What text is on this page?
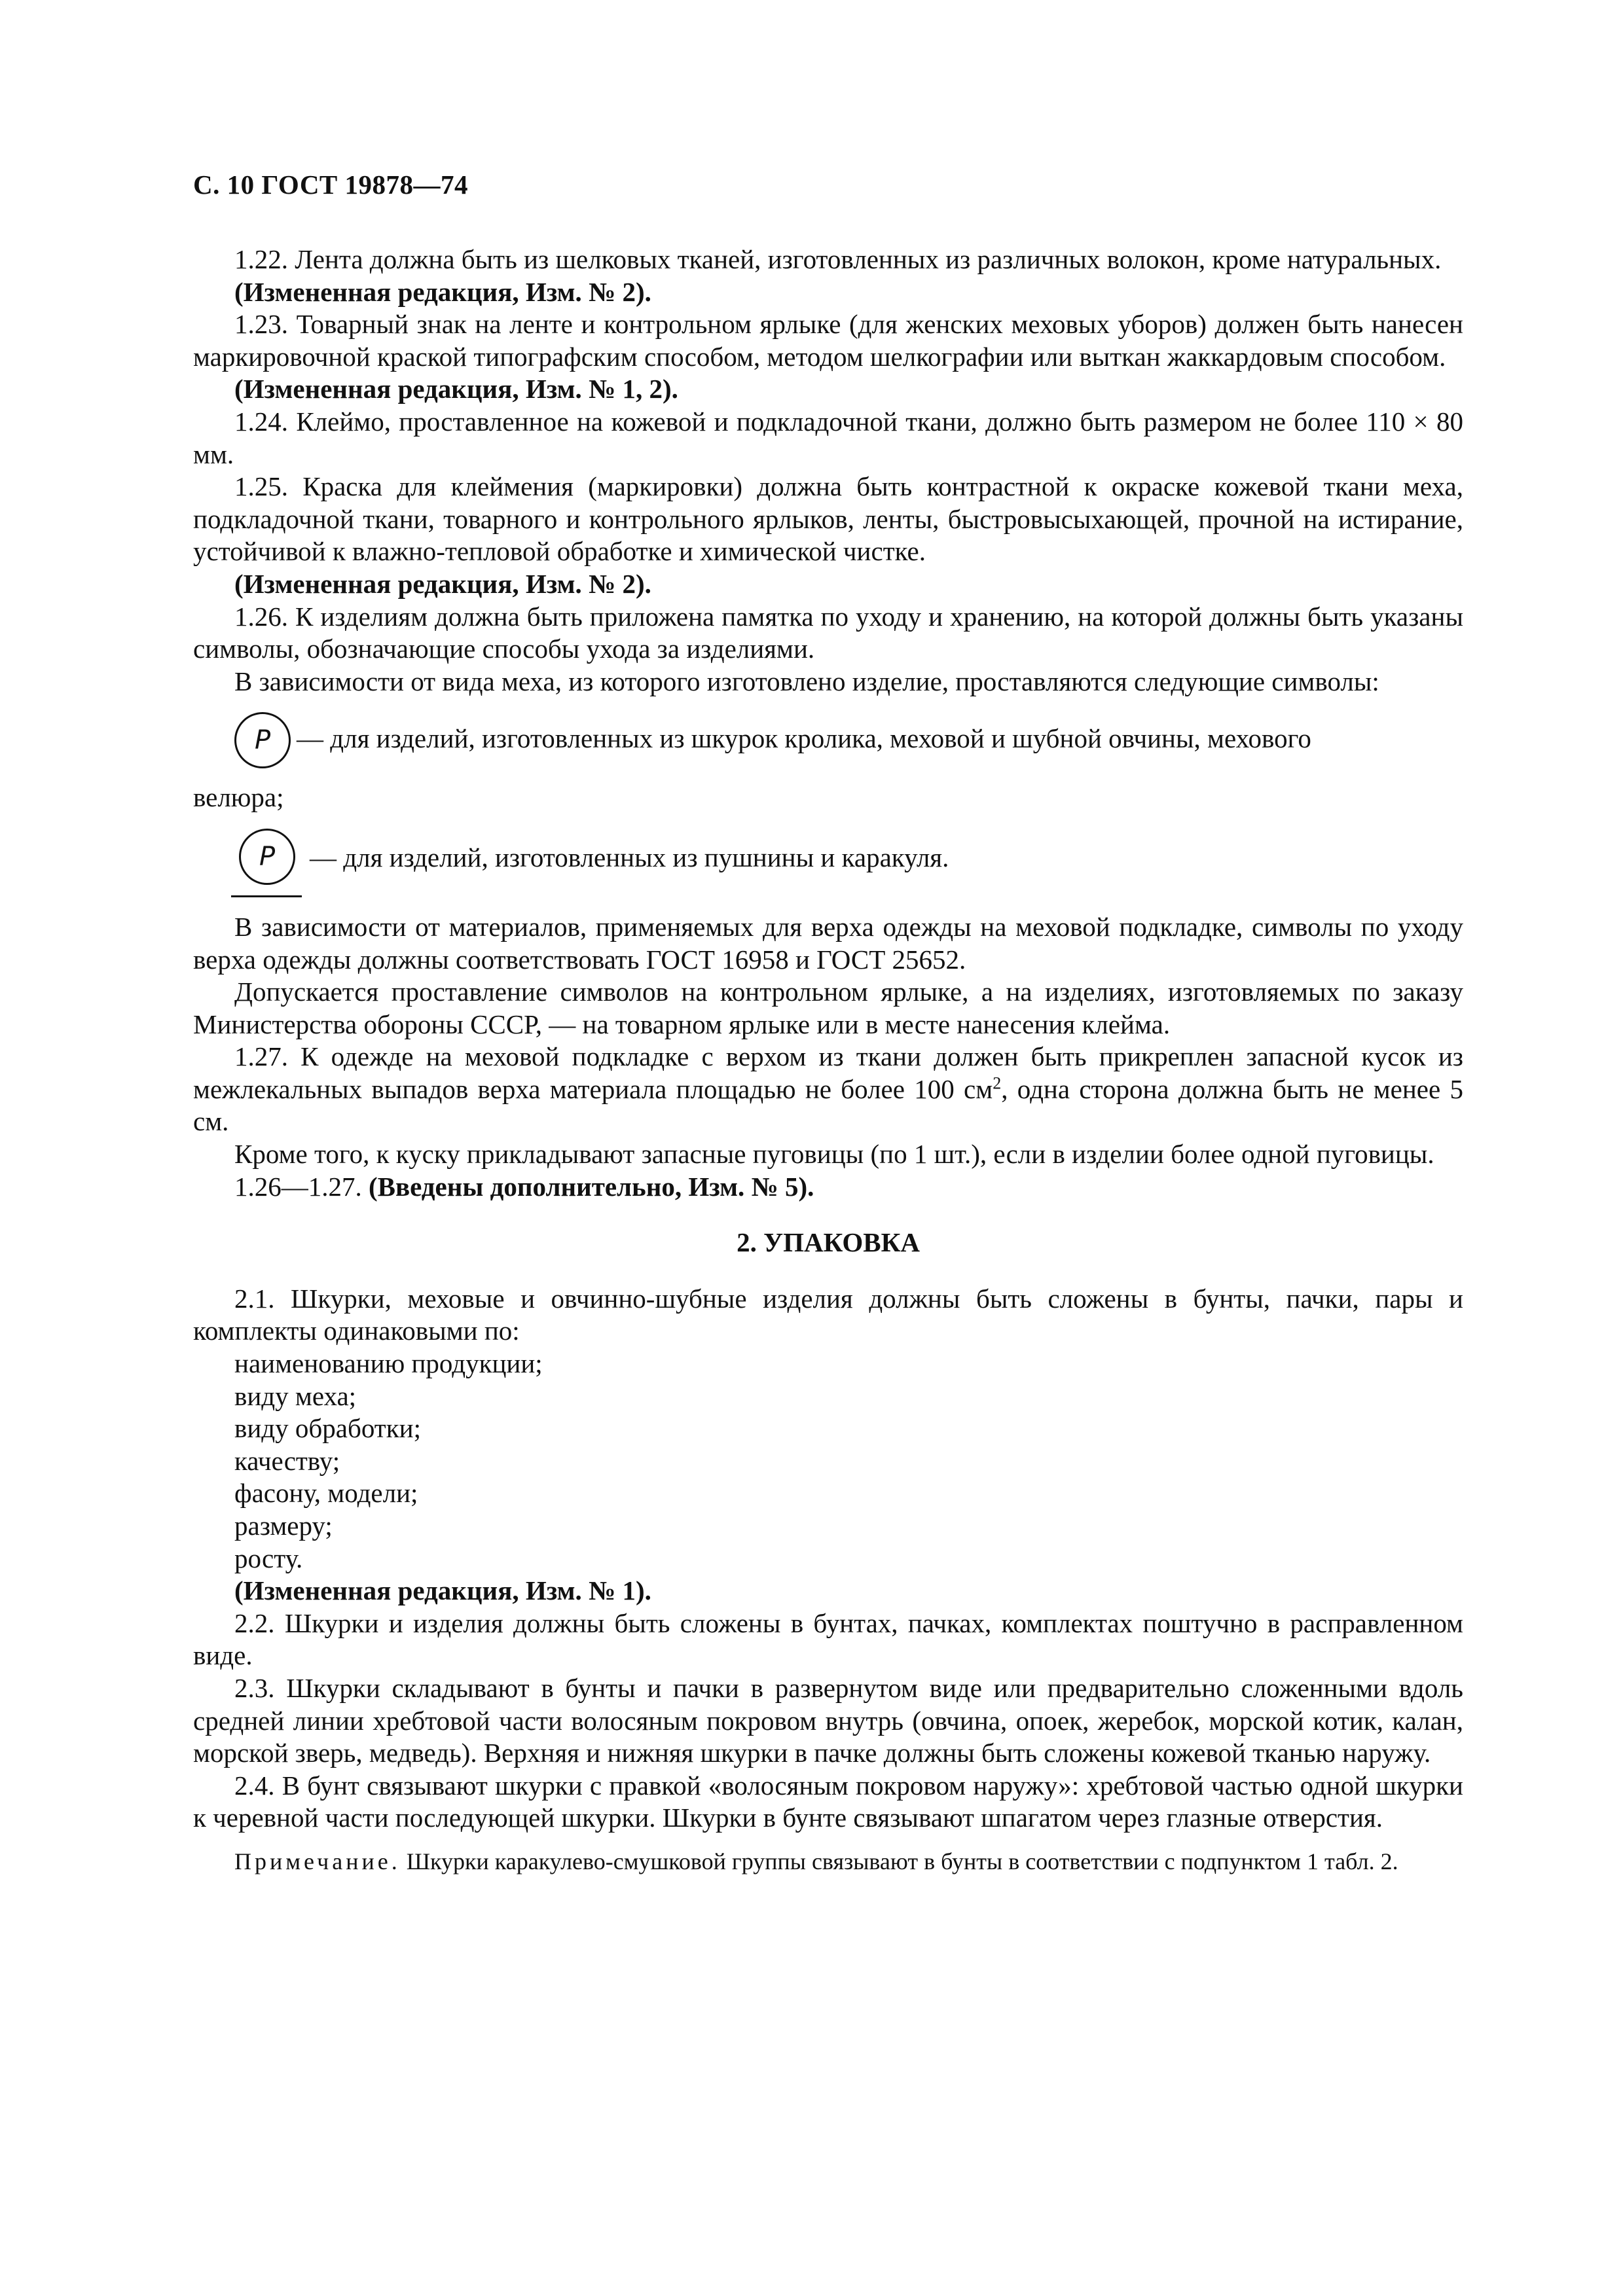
С. 10 ГОСТ 19878—74

1.22. Лента должна быть из шелковых тканей, изготовленных из различных волокон, кроме натуральных.

(Измененная редакция, Изм. № 2).

1.23. Товарный знак на ленте и контрольном ярлыке (для женских меховых уборов) должен быть нанесен маркировочной краской типографским способом, методом шелкографии или выткан жаккардовым способом.

(Измененная редакция, Изм. № 1, 2).

1.24. Клеймо, проставленное на кожевой и подкладочной ткани, должно быть размером не более 110 × 80 мм.

1.25. Краска для клеймения (маркировки) должна быть контрастной к окраске кожевой ткани меха, подкладочной ткани, товарного и контрольного ярлыков, ленты, быстровысыхающей, прочной на истирание, устойчивой к влажно-тепловой обработке и химической чистке.

(Измененная редакция, Изм. № 2).

1.26. К изделиям должна быть приложена памятка по уходу и хранению, на которой должны быть указаны символы, обозначающие способы ухода за изделиями.

В зависимости от вида меха, из которого изготовлено изделие, проставляются следующие символы:

P — для изделий, изготовленных из шкурок кролика, меховой и шубной овчины, мехового

велюра;

P	— для изделий, изготовленных из пушнины и каракуля.

В зависимости от материалов, применяемых для верха одежды на меховой подкладке, символы по уходу верха одежды должны соответствовать ГОСТ 16958 и ГОСТ 25652.

Допускается проставление символов на контрольном ярлыке, а на изделиях, изготовляемых по заказу Министерства обороны СССР, — на товарном ярлыке или в месте нанесения клейма.

1.27. К одежде на меховой подкладке с верхом из ткани должен быть прикреплен запасной кусок из межлекальных выпадов верха материала площадью не более 100 $см^2$, одна сторона должна быть не менее 5 см.

Кроме того, к куску прикладывают запасные пуговицы (по 1 шт.), если в изделии более одной пуговицы.

1.26—1.27. (Введены дополнительно, Изм. № 5).

2. УПАКОВКА

2.1. Шкурки, меховые и овчинно-шубные изделия должны быть сложены в бунты, пачки, пары и комплекты одинаковыми по:

наименованию продукции;

виду меха;

виду обработки;

качеству;

фасону, модели;

размеру;

росту.

(Измененная редакция, Изм. № 1).

2.2. Шкурки и изделия должны быть сложены в бунтах, пачках, комплектах поштучно в расправленном виде.

2.3. Шкурки складывают в бунты и пачки в развернутом виде или предварительно сложенными вдоль средней линии хребтовой части волосяным покровом внутрь (овчина, опоек, жеребок, морской котик, калан, морской зверь, медведь). Верхняя и нижняя шкурки в пачке должны быть сложены кожевой тканью наружу.

2.4. В бунт связывают шкурки с правкой «волосяным покровом наружу»: хребтовой частью одной шкурки к черевной части последующей шкурки. Шкурки в бунте связывают шпагатом через глазные отверстия.

Примечание. Шкурки каракулево-смушковой группы связывают в бунты в соответствии с подпунктом 1 табл. 2.
